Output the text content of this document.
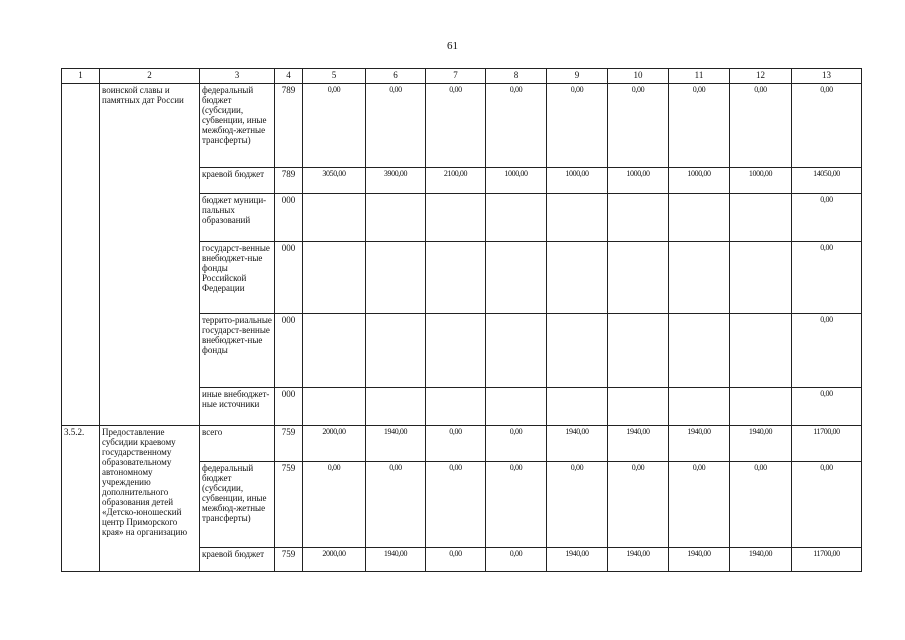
61
1	2	3	4	5	6	7	8	9	10	11	12	13
	воинской славы и памятных дат России	федеральный бюджет (субсидии, субвенции, иные межбюд-жетные трансферты)	789	0,00	0,00	0,00	0,00	0,00	0,00	0,00	0,00	0,00
		краевой бюджет	789	3050,00	3900,00	2100,00	1000,00	1000,00	1000,00	1000,00	1000,00	14050,00
		бюджет муници-пальных образований	000									0,00
		государст-венные внебюджет-ные фонды Российской Федерации	000									0,00
		террито-риальные государст-венные внебюджет-ные фонды	000									0,00
		иные внебюджет-ные источники	000									0,00
3.5.2.	Предоставление субсидии краевому государственному образовательному автономному учреждению дополнительного образования детей «Детско-юношеский центр Приморского края» на организацию	всего	759	2000,00	1940,00	0,00	0,00	1940,00	1940,00	1940,00	1940,00	11700,00
		федеральный бюджет (субсидии, субвенции, иные межбюд-жетные трансферты)	759	0,00	0,00	0,00	0,00	0,00	0,00	0,00	0,00	0,00
		краевой бюджет	759	2000,00	1940,00	0,00	0,00	1940,00	1940,00	1940,00	1940,00	11700,00
